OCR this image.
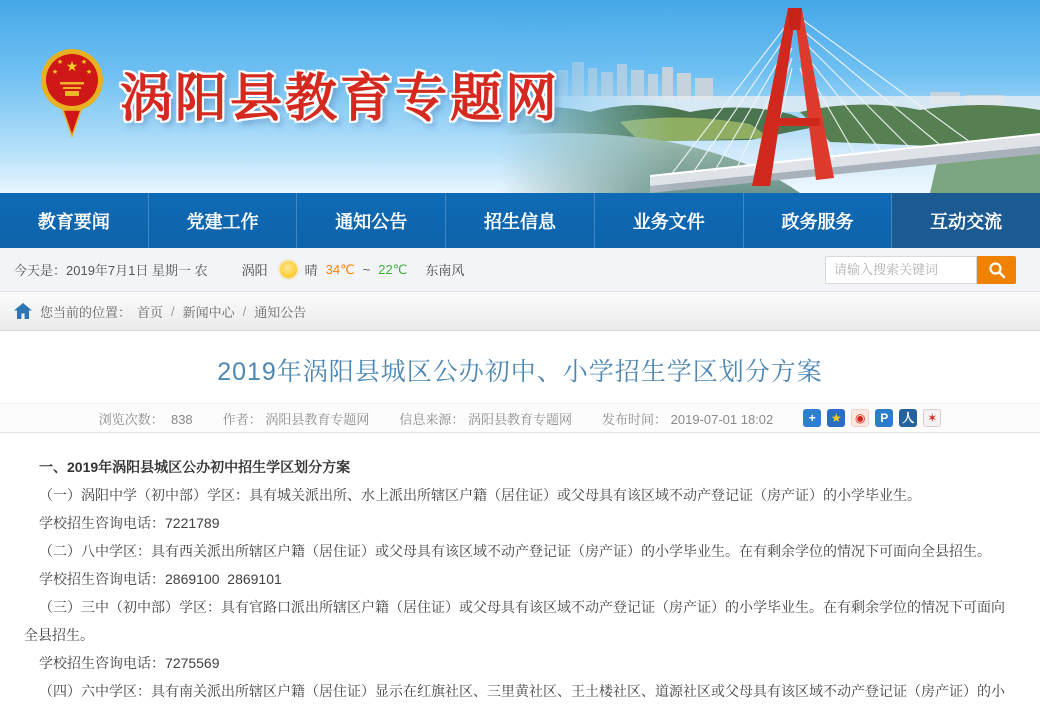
★
★	★
★	★ 涡阳县教育专题网
教育要闻	党建工作	通知公告	招生信息	业务文件	政务服务	互动交流
今天是：2019年7月1日 星期一 农	涡阳	晴 34℃ ~ 22℃ 东南风
请输入搜索关键词
您当前的位置： 首页 / 新闻中心 / 通知公告
2019年涡阳县城区公办初中、小学招生学区划分方案
浏览次数： 838 作者： 涡阳县教育专题网 信息来源： 涡阳县教育专题网 发布时间： 2019-07-01 18:02	+	★	◉	P	人	✶

一、2019年涡阳县城区公办初中招生学区划分方案

（一）涡阳中学（初中部）学区：具有城关派出所、水上派出所辖区户籍（居住证）或父母具有该区域不动产登记证（房产证）的小学毕业生。

学校招生咨询电话：7221789

（二）八中学区：具有西关派出所辖区户籍（居住证）或父母具有该区域不动产登记证（房产证）的小学毕业生。在有剩余学位的情况下可面向全县招生。

学校招生咨询电话：2869100  2869101

（三）三中（初中部）学区：具有官路口派出所辖区户籍（居住证）或父母具有该区域不动产登记证（房产证）的小学毕业生。在有剩余学位的情况下可面向全县招生。

学校招生咨询电话：7275569

（四）六中学区：具有南关派出所辖区户籍（居住证）显示在红旗社区、三里黄社区、王土楼社区、道源社区或父母具有该区域不动产登记证（房产证）的小
